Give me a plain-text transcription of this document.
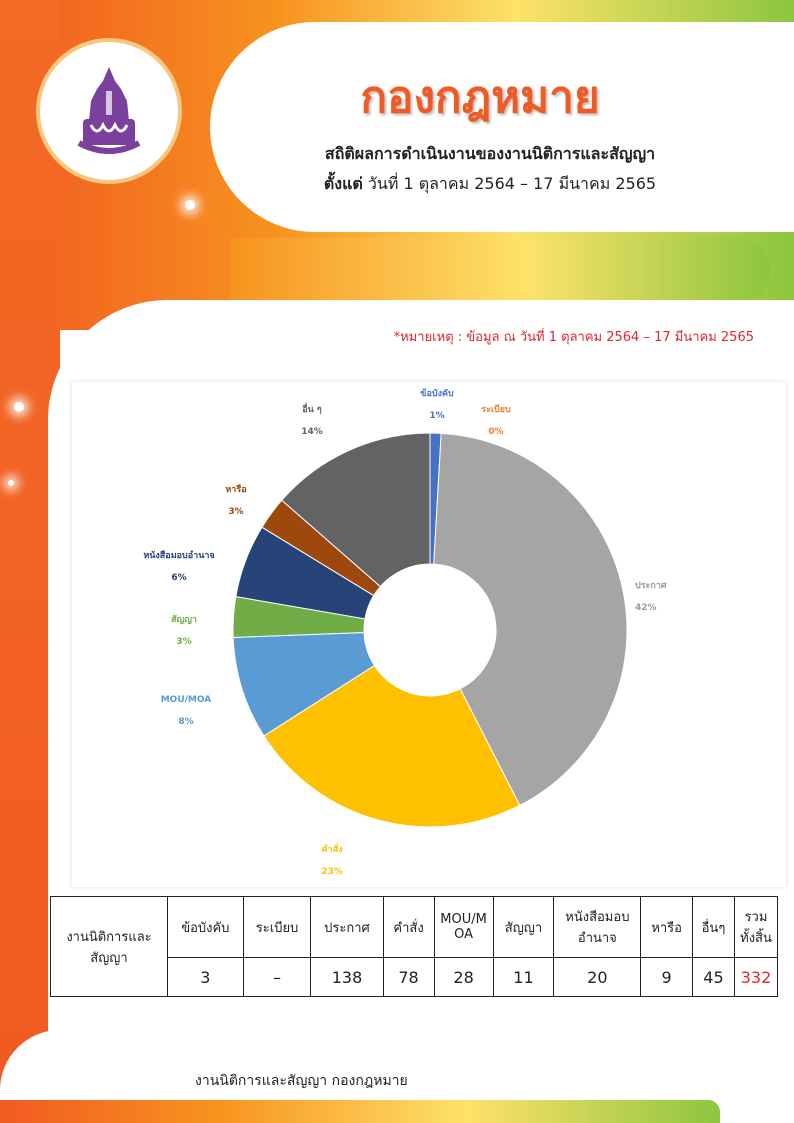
กองกฎหมาย
สถิติผลการดำเนินงานของงานนิติการและสัญญา
ตั้งแต่ วันที่ 1 ตุลาคม 2564 – 17 มีนาคม 2565
*หมายเหตุ : ข้อมูล ณ วันที่ 1 ตุลาคม 2564 – 17 มีนาคม 2565
ข้อบังคับ
1%
ระเบียบ
0%
ประกาศ
42%
คำสั่ง
23%
MOU/MOA
8%
สัญญา
3%
หนังสือมอบอำนาจ
6%
หารือ
3%
อื่น ๆ
14%
งานนิติการและสัญญา	ข้อบังคับ	ระเบียบ	ประกาศ	คำสั่ง	MOU/MOA	สัญญา	หนังสือมอบอำนาจ	หารือ	อื่นๆ	รวมทั้งสิ้น
	3	–	138	78	28	11	20	9	45	332
งานนิติการและสัญญา กองกฎหมาย
